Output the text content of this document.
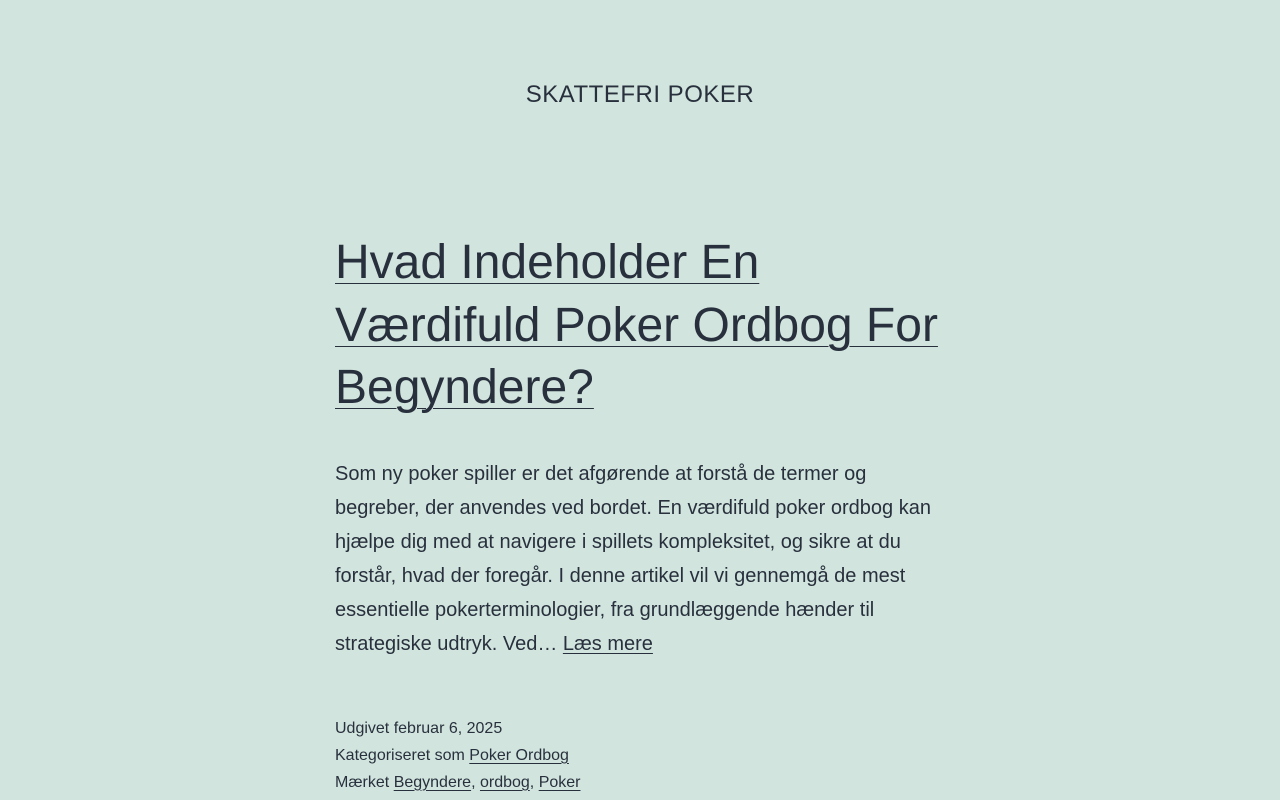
SKATTEFRI POKER
Hvad Indeholder En Værdifuld Poker Ordbog For Begyndere?

Som ny poker spiller er det afgørende at forstå de termer og begreber, der anvendes ved bordet. En værdifuld poker ordbog kan hjælpe dig med at navigere i spillets kompleksitet, og sikre at du forstår, hvad der foregår. I denne artikel vil vi gennemgå de mest essentielle pokerterminologier, fra grundlæggende hænder til strategiske udtryk. Ved… Læs mere

Udgivet februar 6, 2025
Kategoriseret som Poker Ordbog
Mærket Begyndere, ordbog, Poker
